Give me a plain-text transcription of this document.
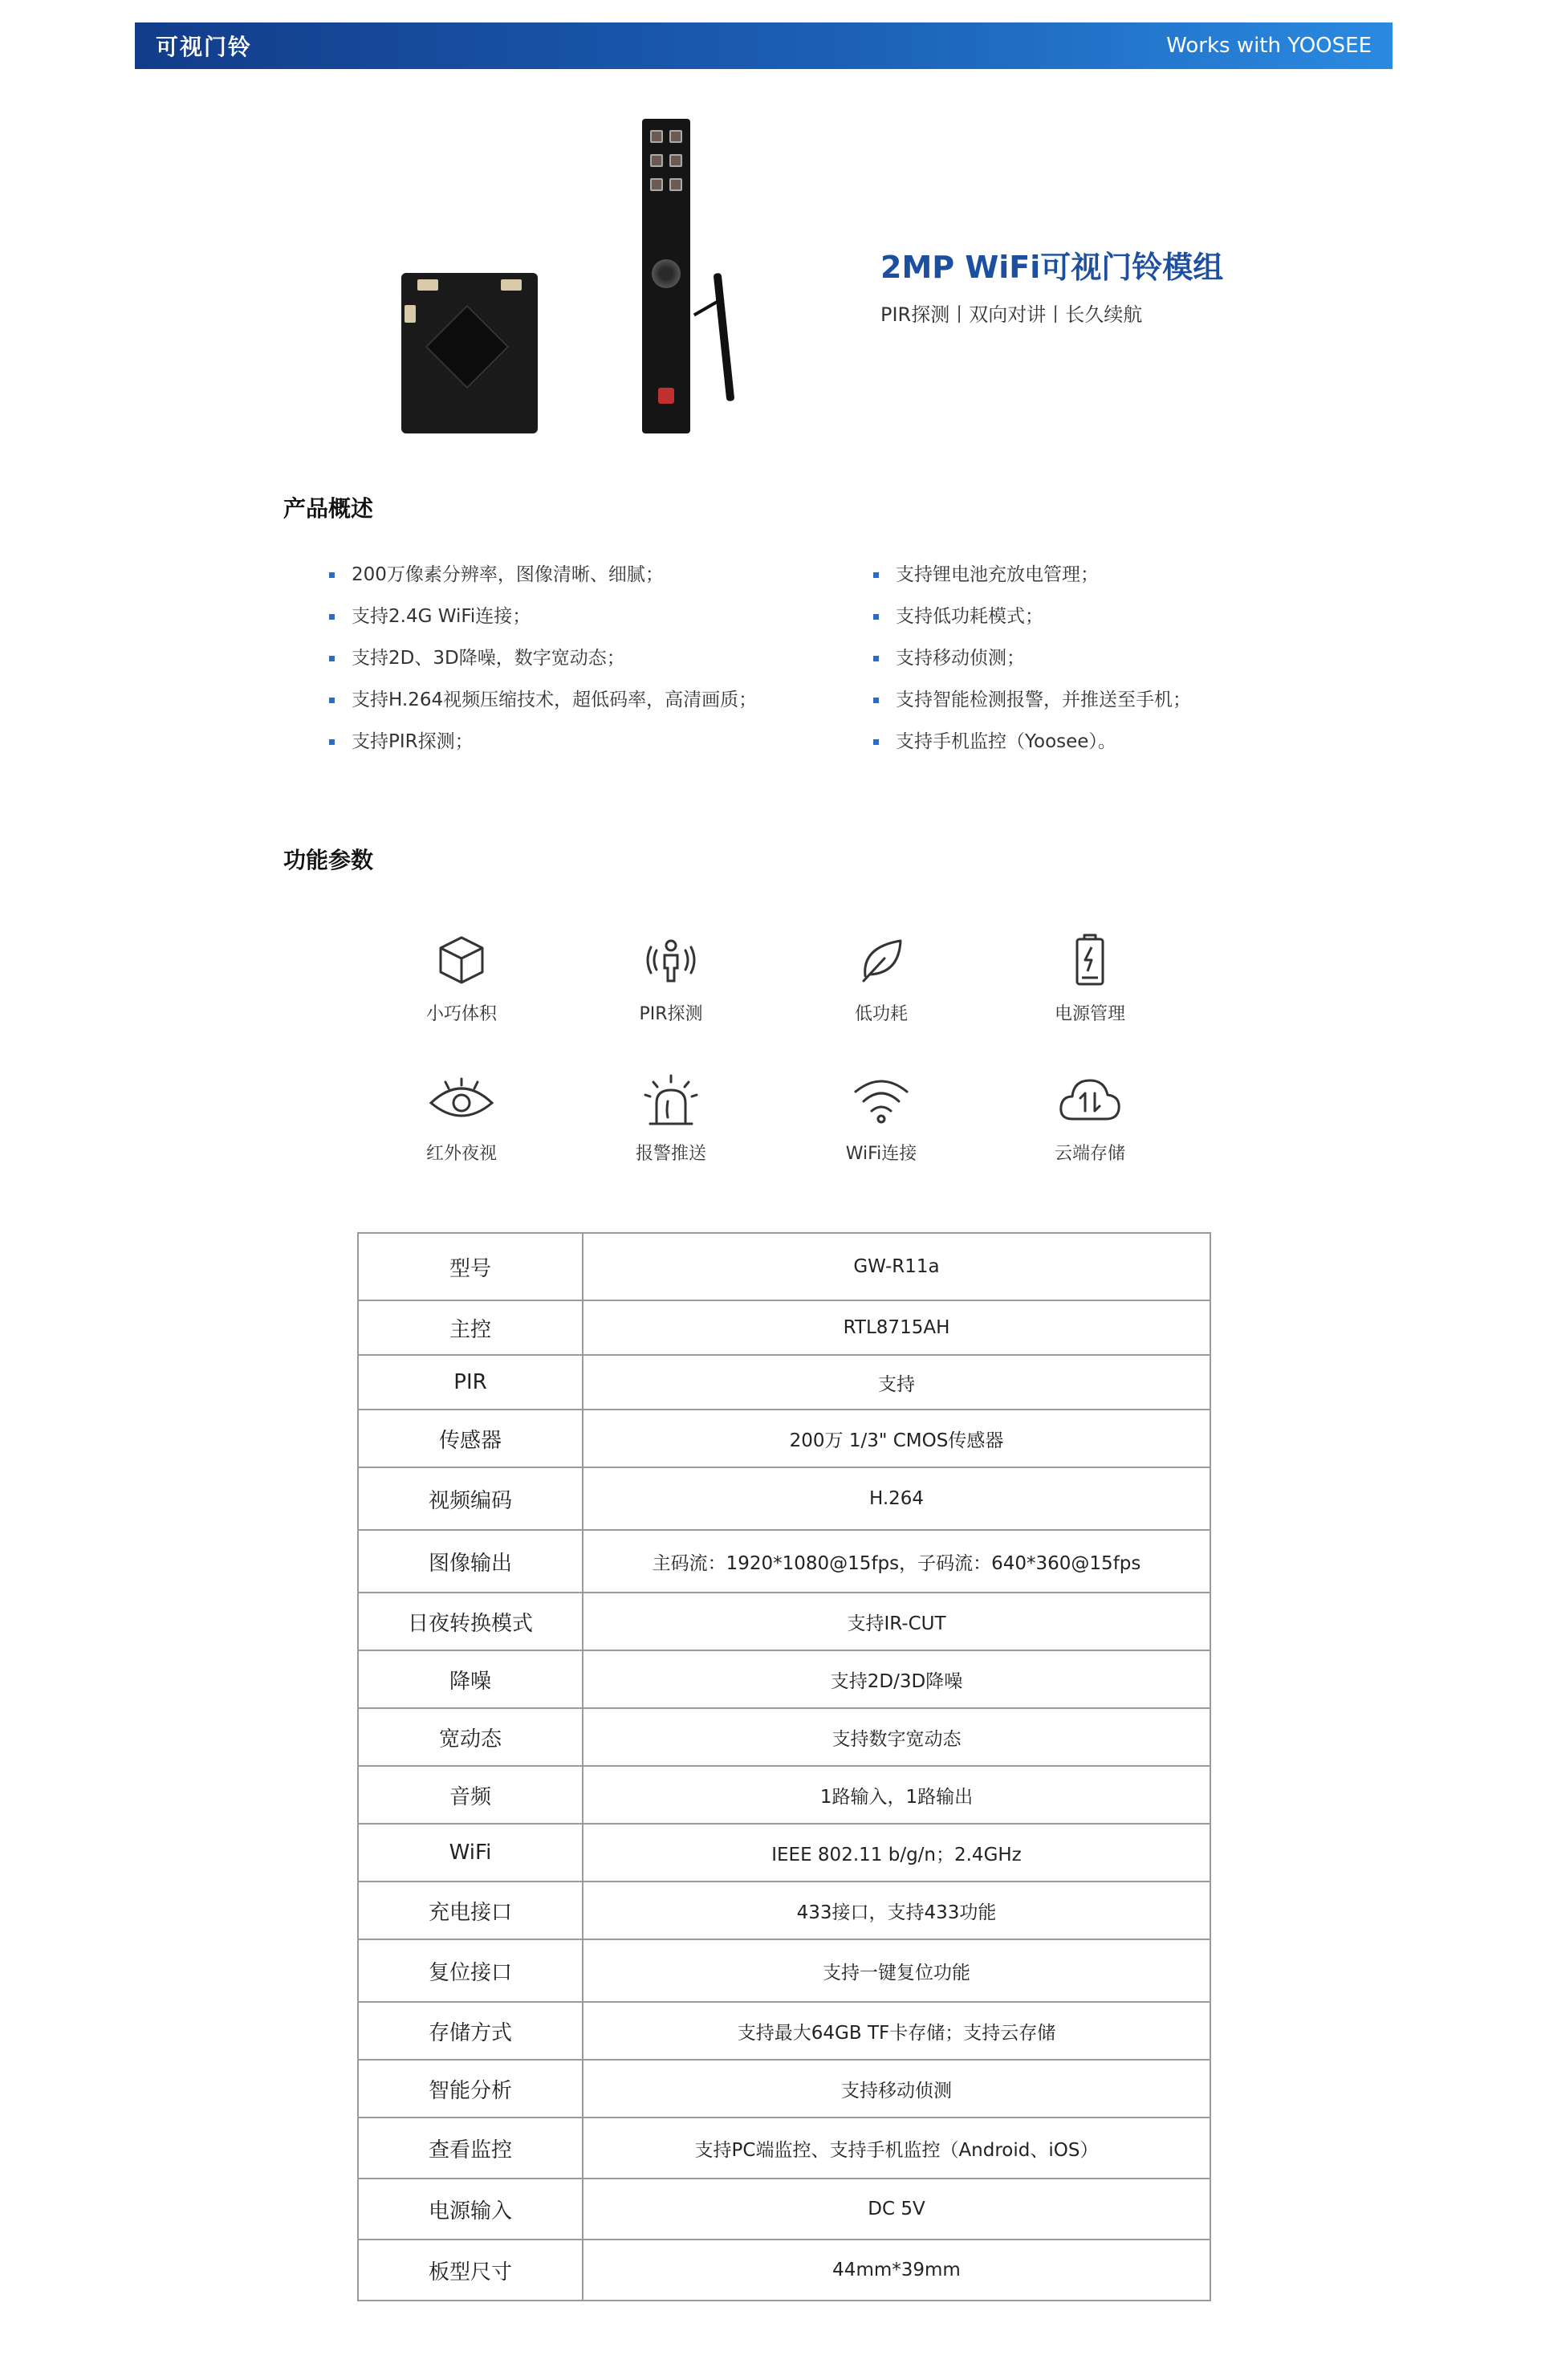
可视门铃	Works with YOOSEE
2MP WiFi可视门铃模组
PIR探测丨双向对讲丨长久续航
产品概述
200万像素分辨率，图像清晰、细腻；
支持2.4G WiFi连接；
支持2D、3D降噪，数字宽动态；
支持H.264视频压缩技术，超低码率，高清画质；
支持PIR探测；
支持锂电池充放电管理；
支持低功耗模式；
支持移动侦测；
支持智能检测报警，并推送至手机；
支持手机监控（Yoosee）。
功能参数
小巧体积	PIR探测	低功耗	电源管理
红外夜视	报警推送	WiFi连接	云端存储
型号	GW-R11a
主控	RTL8715AH
PIR	支持
传感器	200万 1/3" CMOS传感器
视频编码	H.264
图像输出	主码流：1920*1080@15fps，子码流：640*360@15fps
日夜转换模式	支持IR-CUT
降噪	支持2D/3D降噪
宽动态	支持数字宽动态
音频	1路输入，1路输出
WiFi	IEEE 802.11 b/g/n；2.4GHz
充电接口	433接口，支持433功能
复位接口	支持一键复位功能
存储方式	支持最大64GB TF卡存储；支持云存储
智能分析	支持移动侦测
查看监控	支持PC端监控、支持手机监控（Android、iOS）
电源输入	DC 5V
板型尺寸	44mm*39mm
